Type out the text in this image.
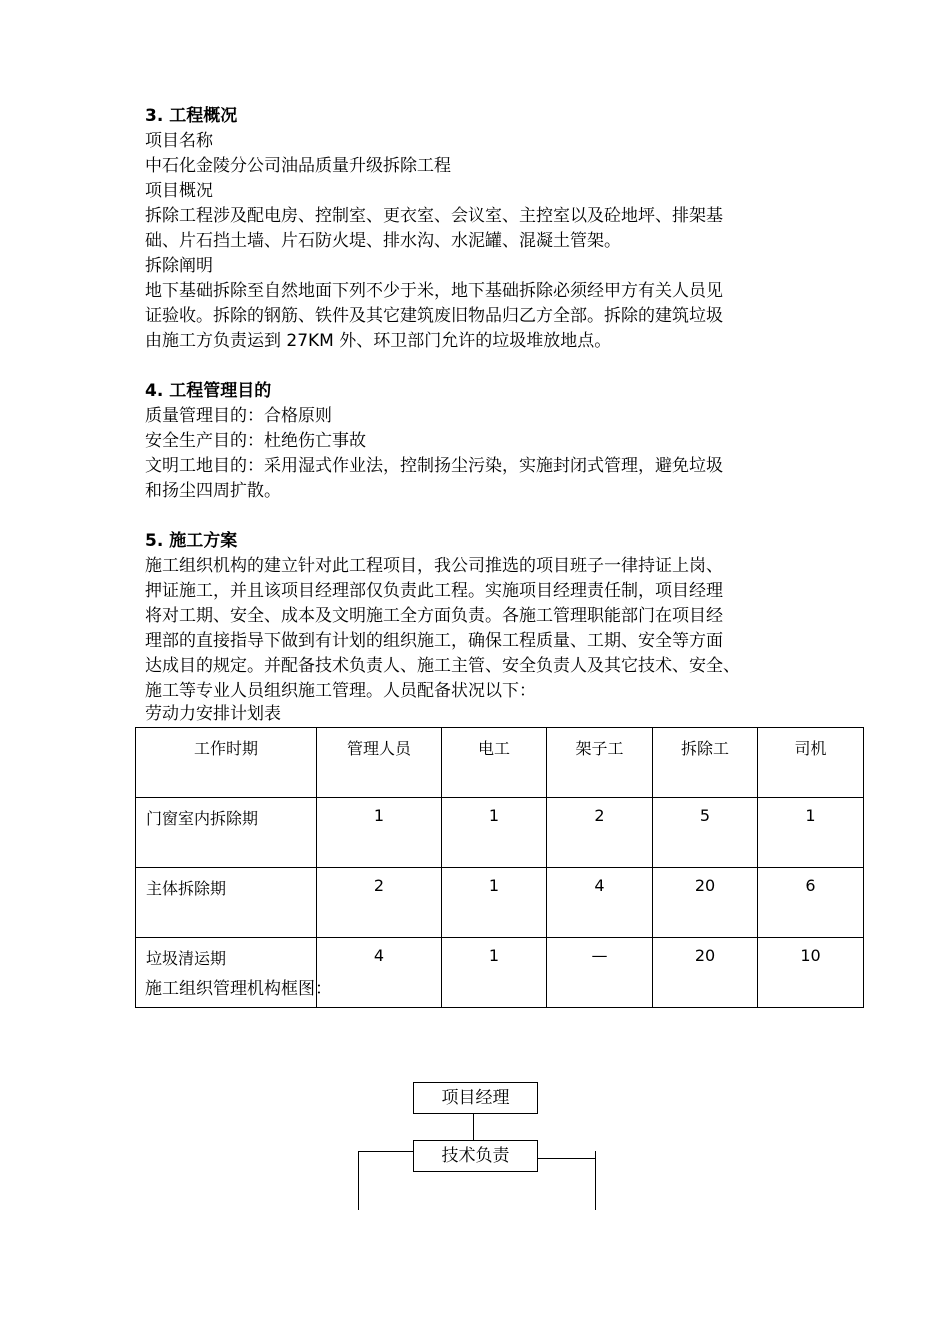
3. 工程概况
项目名称
中石化金陵分公司油品质量升级拆除工程
项目概况
拆除工程涉及配电房、控制室、更衣室、会议室、主控室以及砼地坪、排架基
础、片石挡土墙、片石防火堤、排水沟、水泥罐、混凝土管架。
拆除阐明
地下基础拆除至自然地面下列不少于米，地下基础拆除必须经甲方有关人员见
证验收。拆除的钢筋、铁件及其它建筑废旧物品归乙方全部。拆除的建筑垃圾
由施工方负责运到 27KM 外、环卫部门允许的垃圾堆放地点。
4. 工程管理目的
质量管理目的：合格原则
安全生产目的：杜绝伤亡事故
文明工地目的：采用湿式作业法，控制扬尘污染，实施封闭式管理，避免垃圾
和扬尘四周扩散。
5. 施工方案
施工组织机构的建立针对此工程项目，我公司推选的项目班子一律持证上岗、
押证施工，并且该项目经理部仅负责此工程。实施项目经理责任制，项目经理
将对工期、安全、成本及文明施工全方面负责。各施工管理职能部门在项目经
理部的直接指导下做到有计划的组织施工，确保工程质量、工期、安全等方面
达成目的规定。并配备技术负责人、施工主管、安全负责人及其它技术、安全、
施工等专业人员组织施工管理。人员配备状况以下：
劳动力安排计划表
工作时期	管理人员	电工	架子工	拆除工	司机
门窗室内拆除期	1	1	2	5	1
主体拆除期	2	1	4	20	6
垃圾清运期	4	1	—	20	10
施工组织管理机构框图：
项目经理
技术负责
